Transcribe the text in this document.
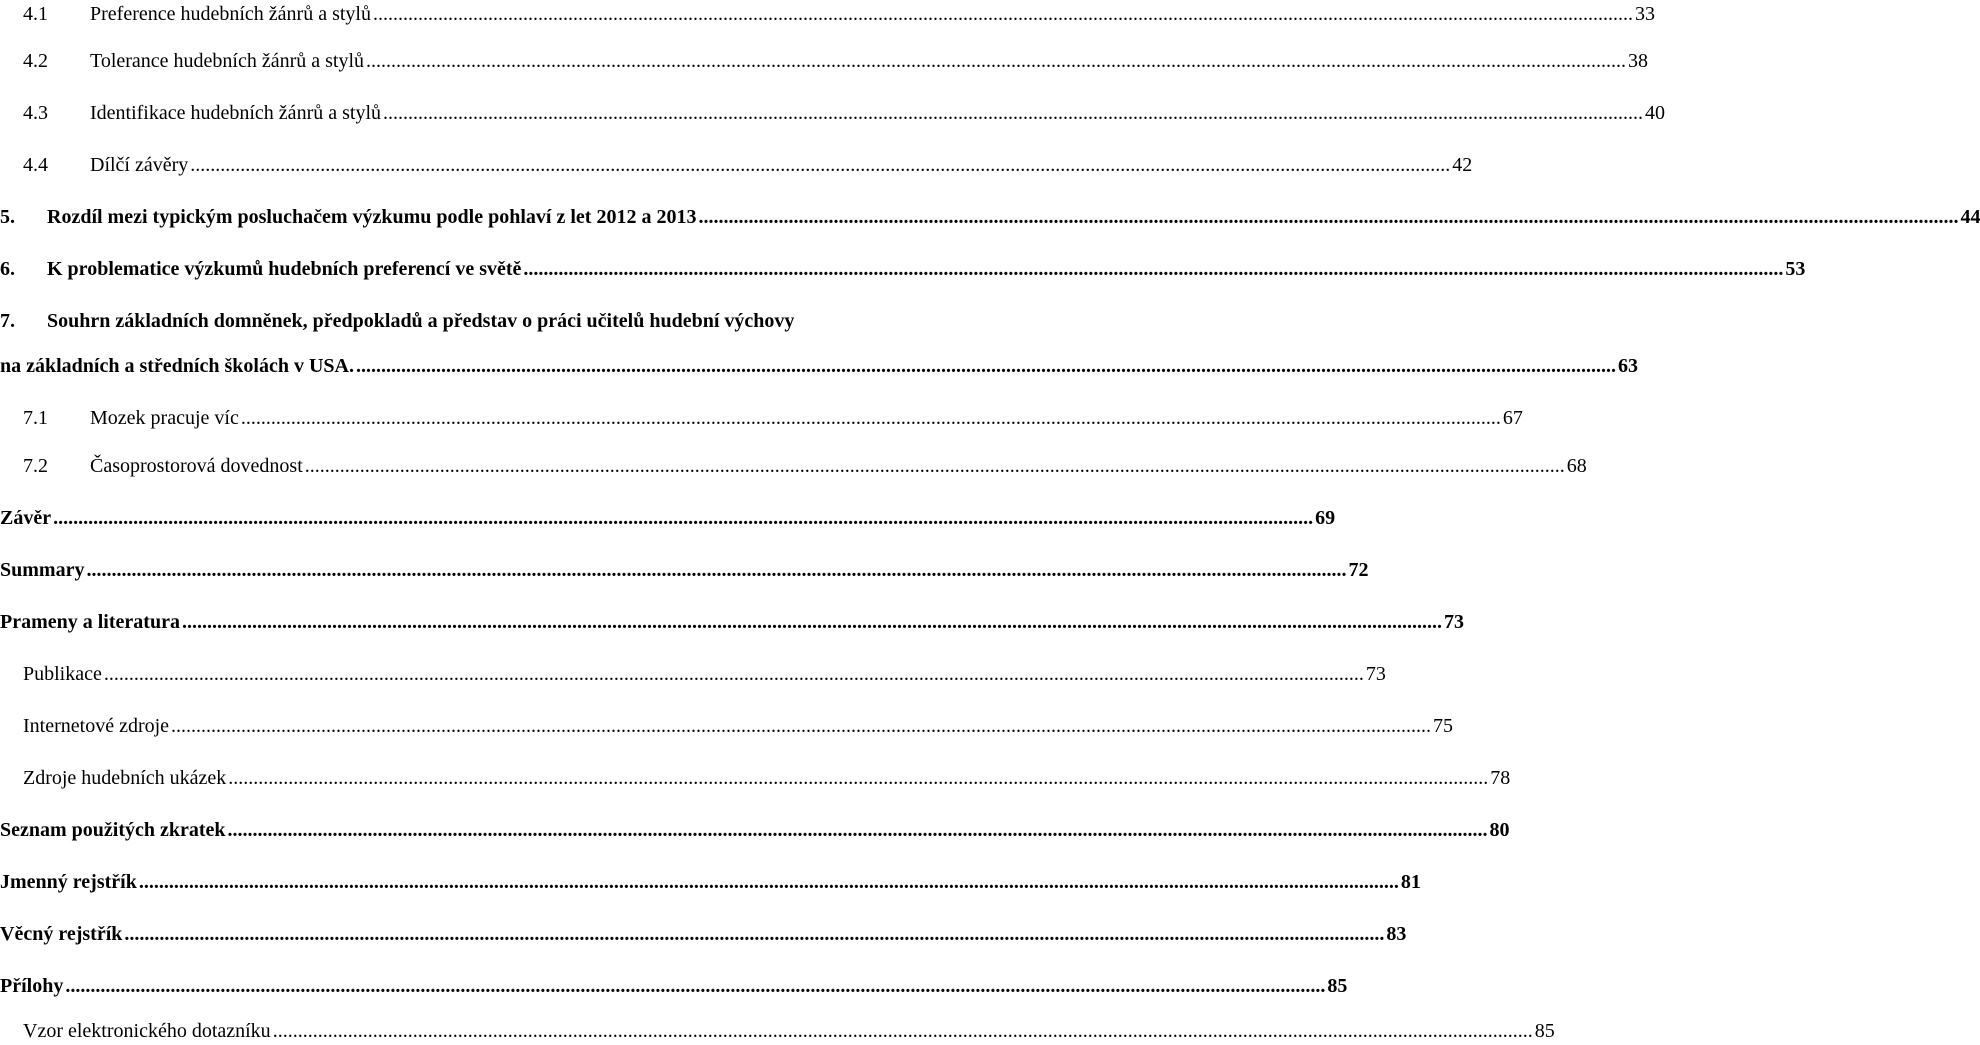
4.1	Preference hudebních žánrů a stylů .....	33
4.2	Tolerance hudebních žánrů a stylů .....	38
4.3	Identifikace hudebních žánrů a stylů .....	40
4.4	Dílčí závěry .....	42
5.	Rozdíl mezi typickým posluchačem výzkumu podle pohlaví z let 2012 a 2013 .....	44
6.	K problematice výzkumů hudebních preferencí ve světě .....	53
7. Souhrn základních domněnek, předpokladů a představ o práci učitelů hudební výchovy
na základních a středních školách v USA. .....	63
7.1	Mozek pracuje víc .....	67
7.2	Časoprostorová dovednost .....	68
Závěr .....	69
Summary .....	72
Prameny a literatura .....	73
Publikace .....	73
Internetové zdroje .....	75
Zdroje hudebních ukázek .....	78
Seznam použitých zkratek .....	80
Jmenný rejstřík .....	81
Věcný rejstřík .....	83
Přílohy .....	85
Vzor elektronického dotazníku .....	85
